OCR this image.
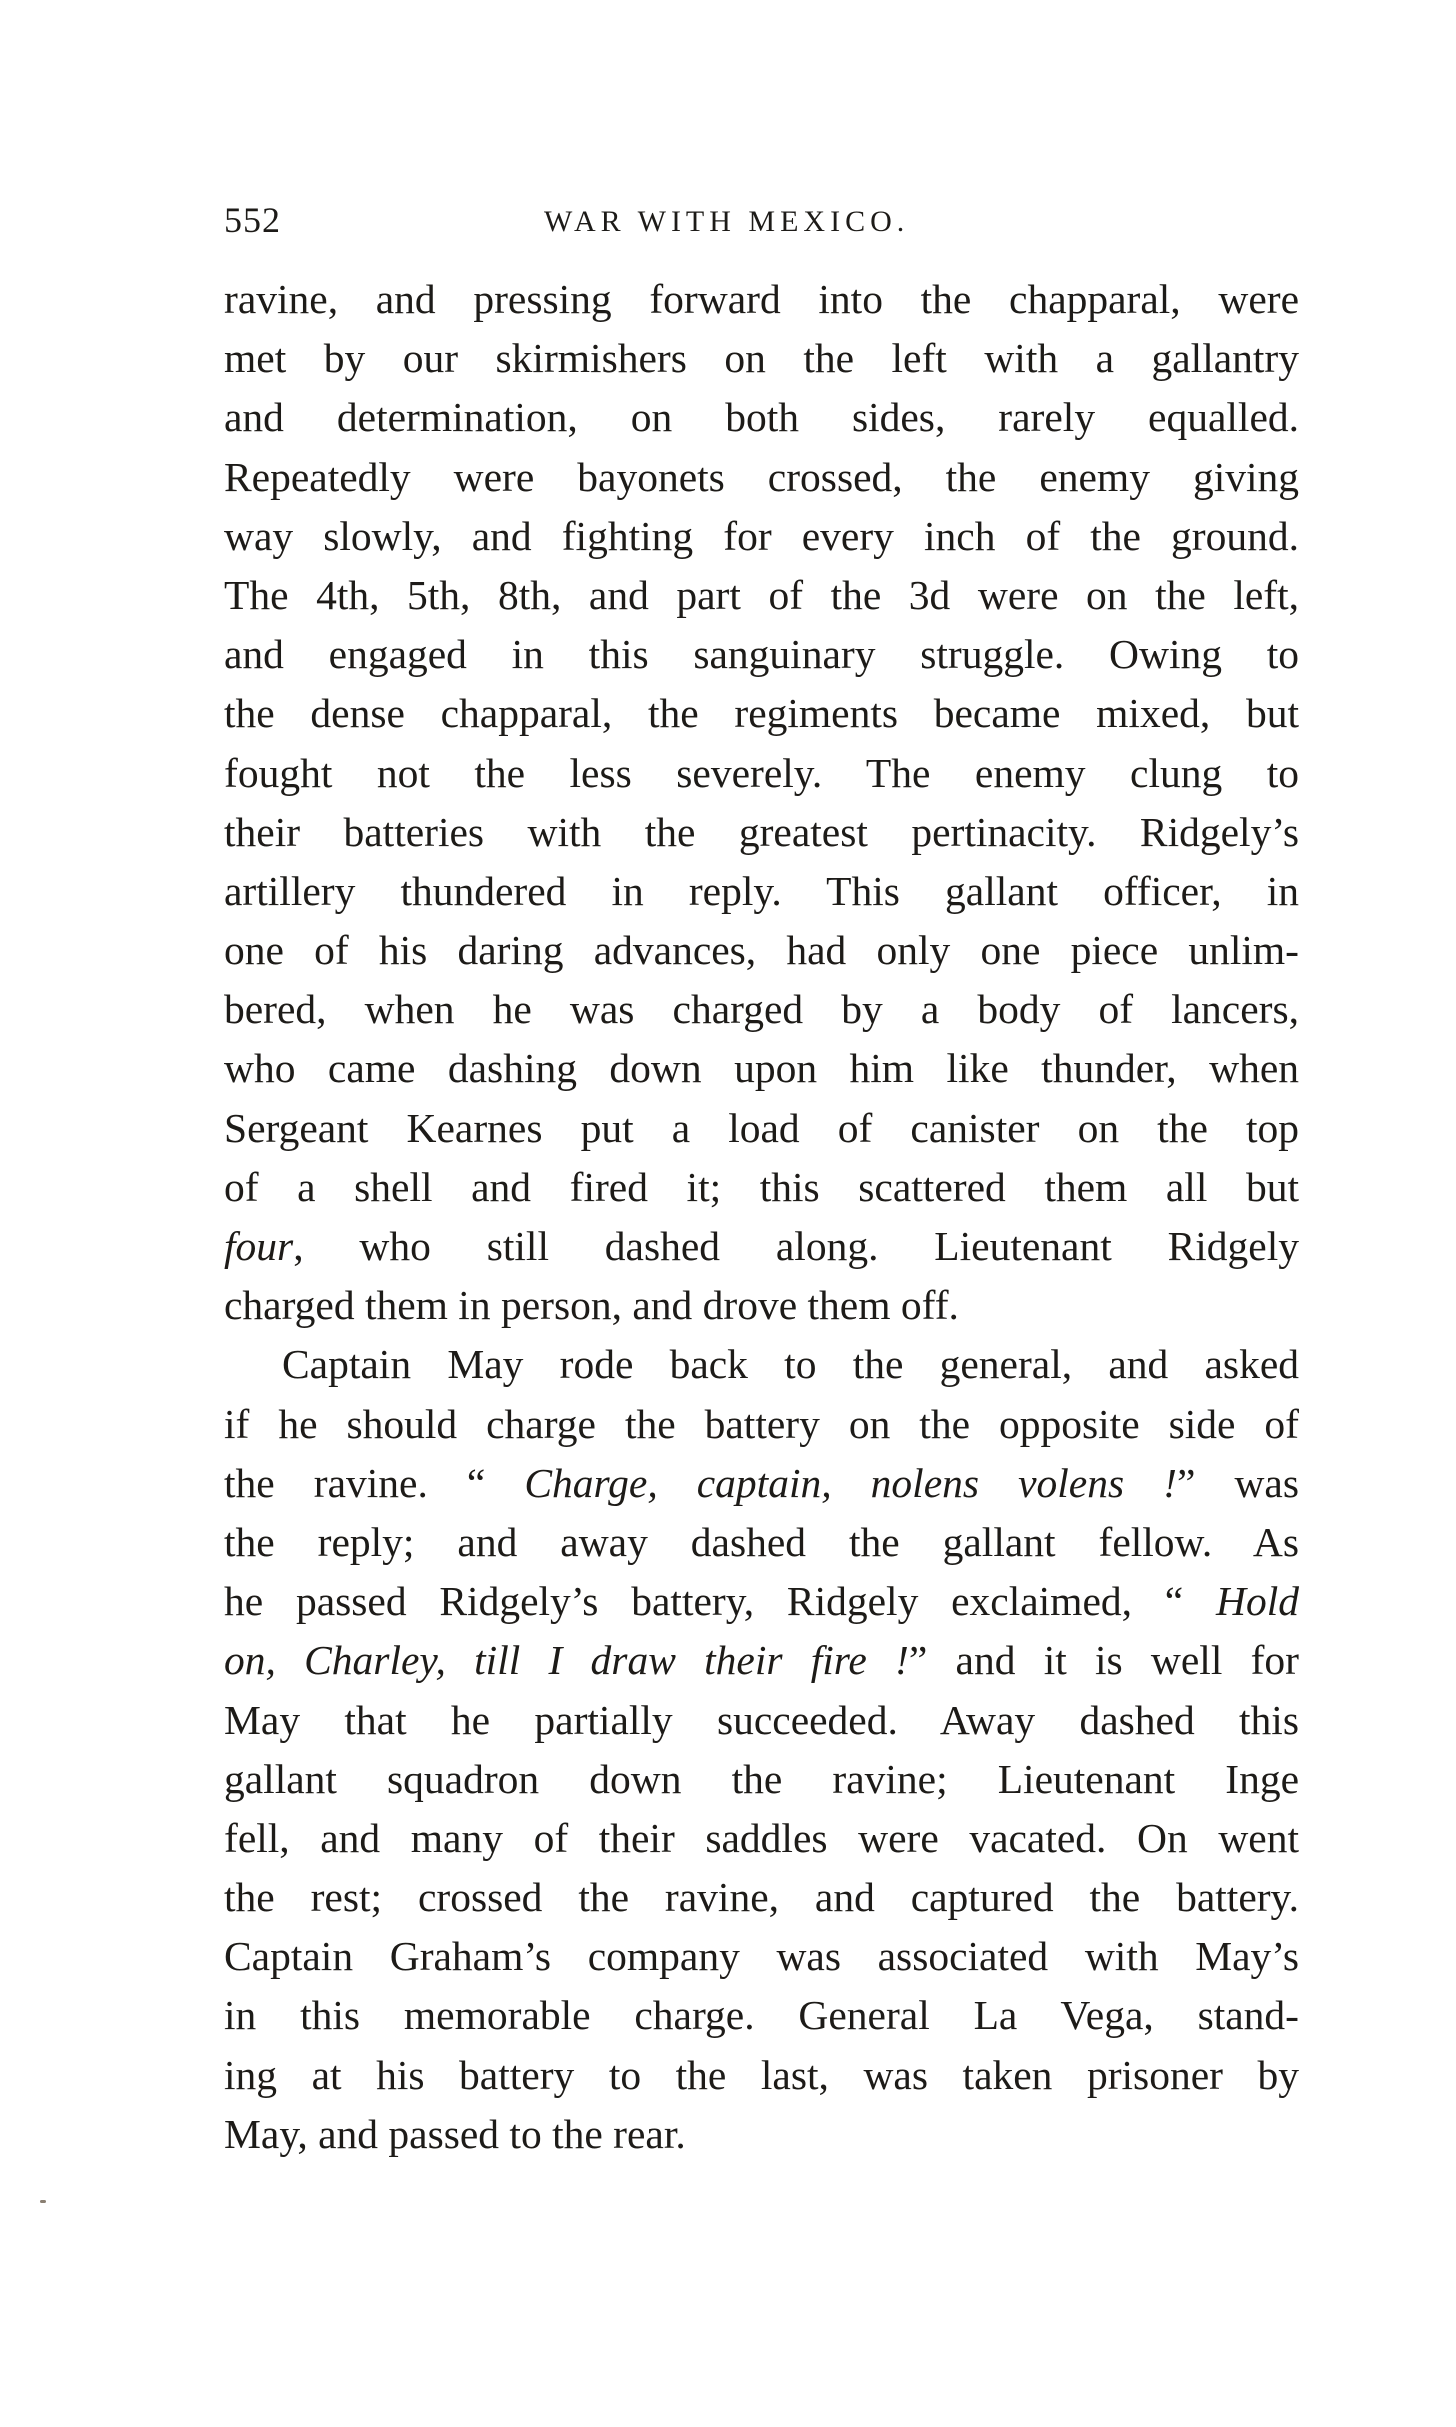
552	WAR WITH MEXICO.
ravine, and pressing forward into the chapparal, were
met by our skirmishers on the left with a gallantry
and determination, on both sides, rarely equalled.
Repeatedly were bayonets crossed, the enemy giving
way slowly, and fighting for every inch of the ground.
The 4th, 5th, 8th, and part of the 3d were on the left,
and engaged in this sanguinary struggle. Owing to
the dense chapparal, the regiments became mixed, but
fought not the less severely. The enemy clung to
their batteries with the greatest pertinacity. Ridgely’s
artillery thundered in reply. This gallant officer, in
one of his daring advances, had only one piece unlim-
bered, when he was charged by a body of lancers,
who came dashing down upon him like thunder, when
Sergeant Kearnes put a load of canister on the top
of a shell and fired it; this scattered them all but
four, who still dashed along. Lieutenant Ridgely
charged them in person, and drove them off.
Captain May rode back to the general, and asked
if he should charge the battery on the opposite side of
the ravine. “ Charge, captain, nolens volens !” was
the reply; and away dashed the gallant fellow. As
he passed Ridgely’s battery, Ridgely exclaimed, “ Hold
on, Charley, till I draw their fire !” and it is well for
May that he partially succeeded. Away dashed this
gallant squadron down the ravine; Lieutenant Inge
fell, and many of their saddles were vacated. On went
the rest; crossed the ravine, and captured the battery.
Captain Graham’s company was associated with May’s
in this memorable charge. General La Vega, stand-
ing at his battery to the last, was taken prisoner by
May, and passed to the rear.
